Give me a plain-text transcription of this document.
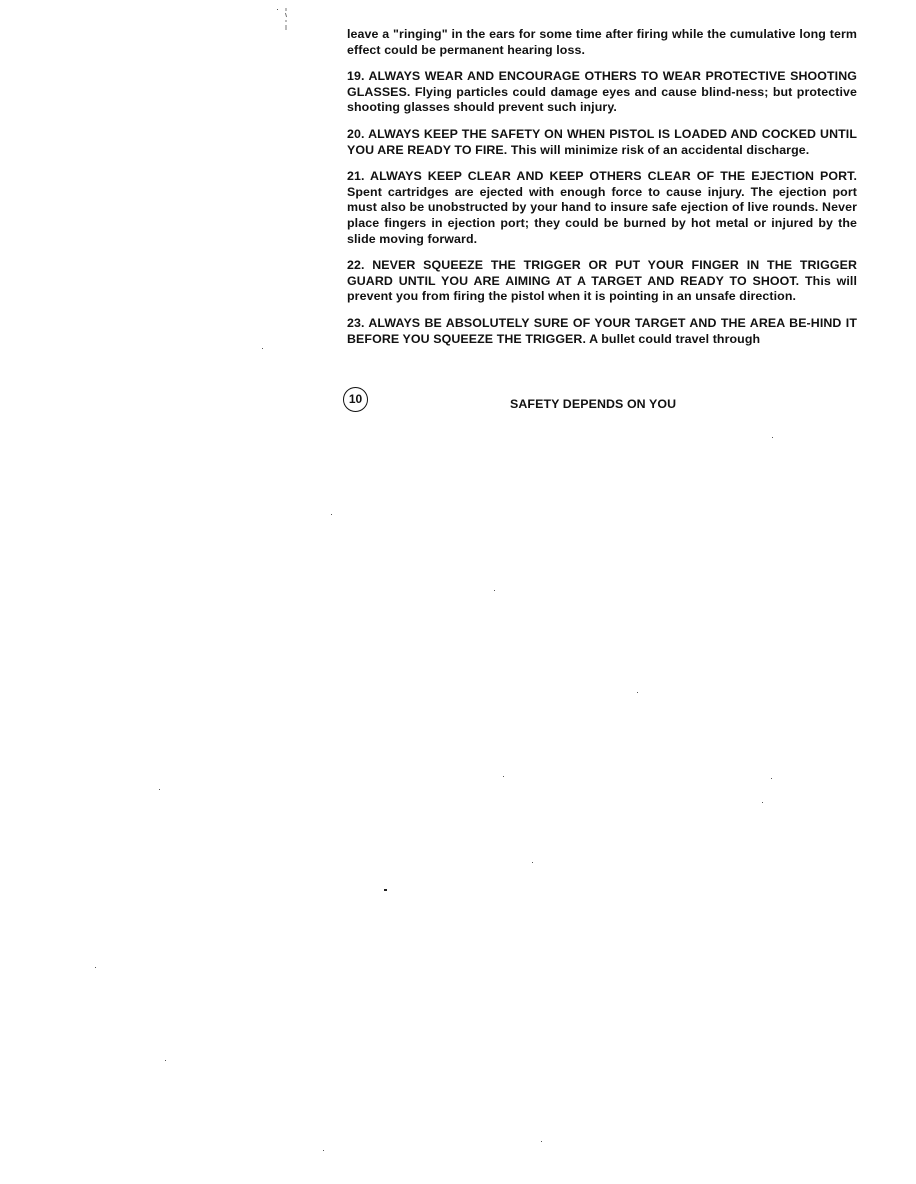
leave a "ringing" in the ears for some time after firing while the cumulative long term effect could be permanent hearing loss.

19. ALWAYS WEAR AND ENCOURAGE OTHERS TO WEAR PROTECTIVE SHOOTING GLASSES. Flying particles could damage eyes and cause blind-ness; but protective shooting glasses should prevent such injury.

20. ALWAYS KEEP THE SAFETY ON WHEN PISTOL IS LOADED AND COCKED UNTIL YOU ARE READY TO FIRE. This will minimize risk of an accidental discharge.

21. ALWAYS KEEP CLEAR AND KEEP OTHERS CLEAR OF THE EJECTION PORT. Spent cartridges are ejected with enough force to cause injury. The ejection port must also be unobstructed by your hand to insure safe ejection of live rounds. Never place fingers in ejection port; they could be burned by hot metal or injured by the slide moving forward.

22. NEVER SQUEEZE THE TRIGGER OR PUT YOUR FINGER IN THE TRIGGER GUARD UNTIL YOU ARE AIMING AT A TARGET AND READY TO SHOOT. This will prevent you from firing the pistol when it is pointing in an unsafe direction.

23. ALWAYS BE ABSOLUTELY SURE OF YOUR TARGET AND THE AREA BE-HIND IT BEFORE YOU SQUEEZE THE TRIGGER. A bullet could travel through

10	SAFETY DEPENDS ON YOU
